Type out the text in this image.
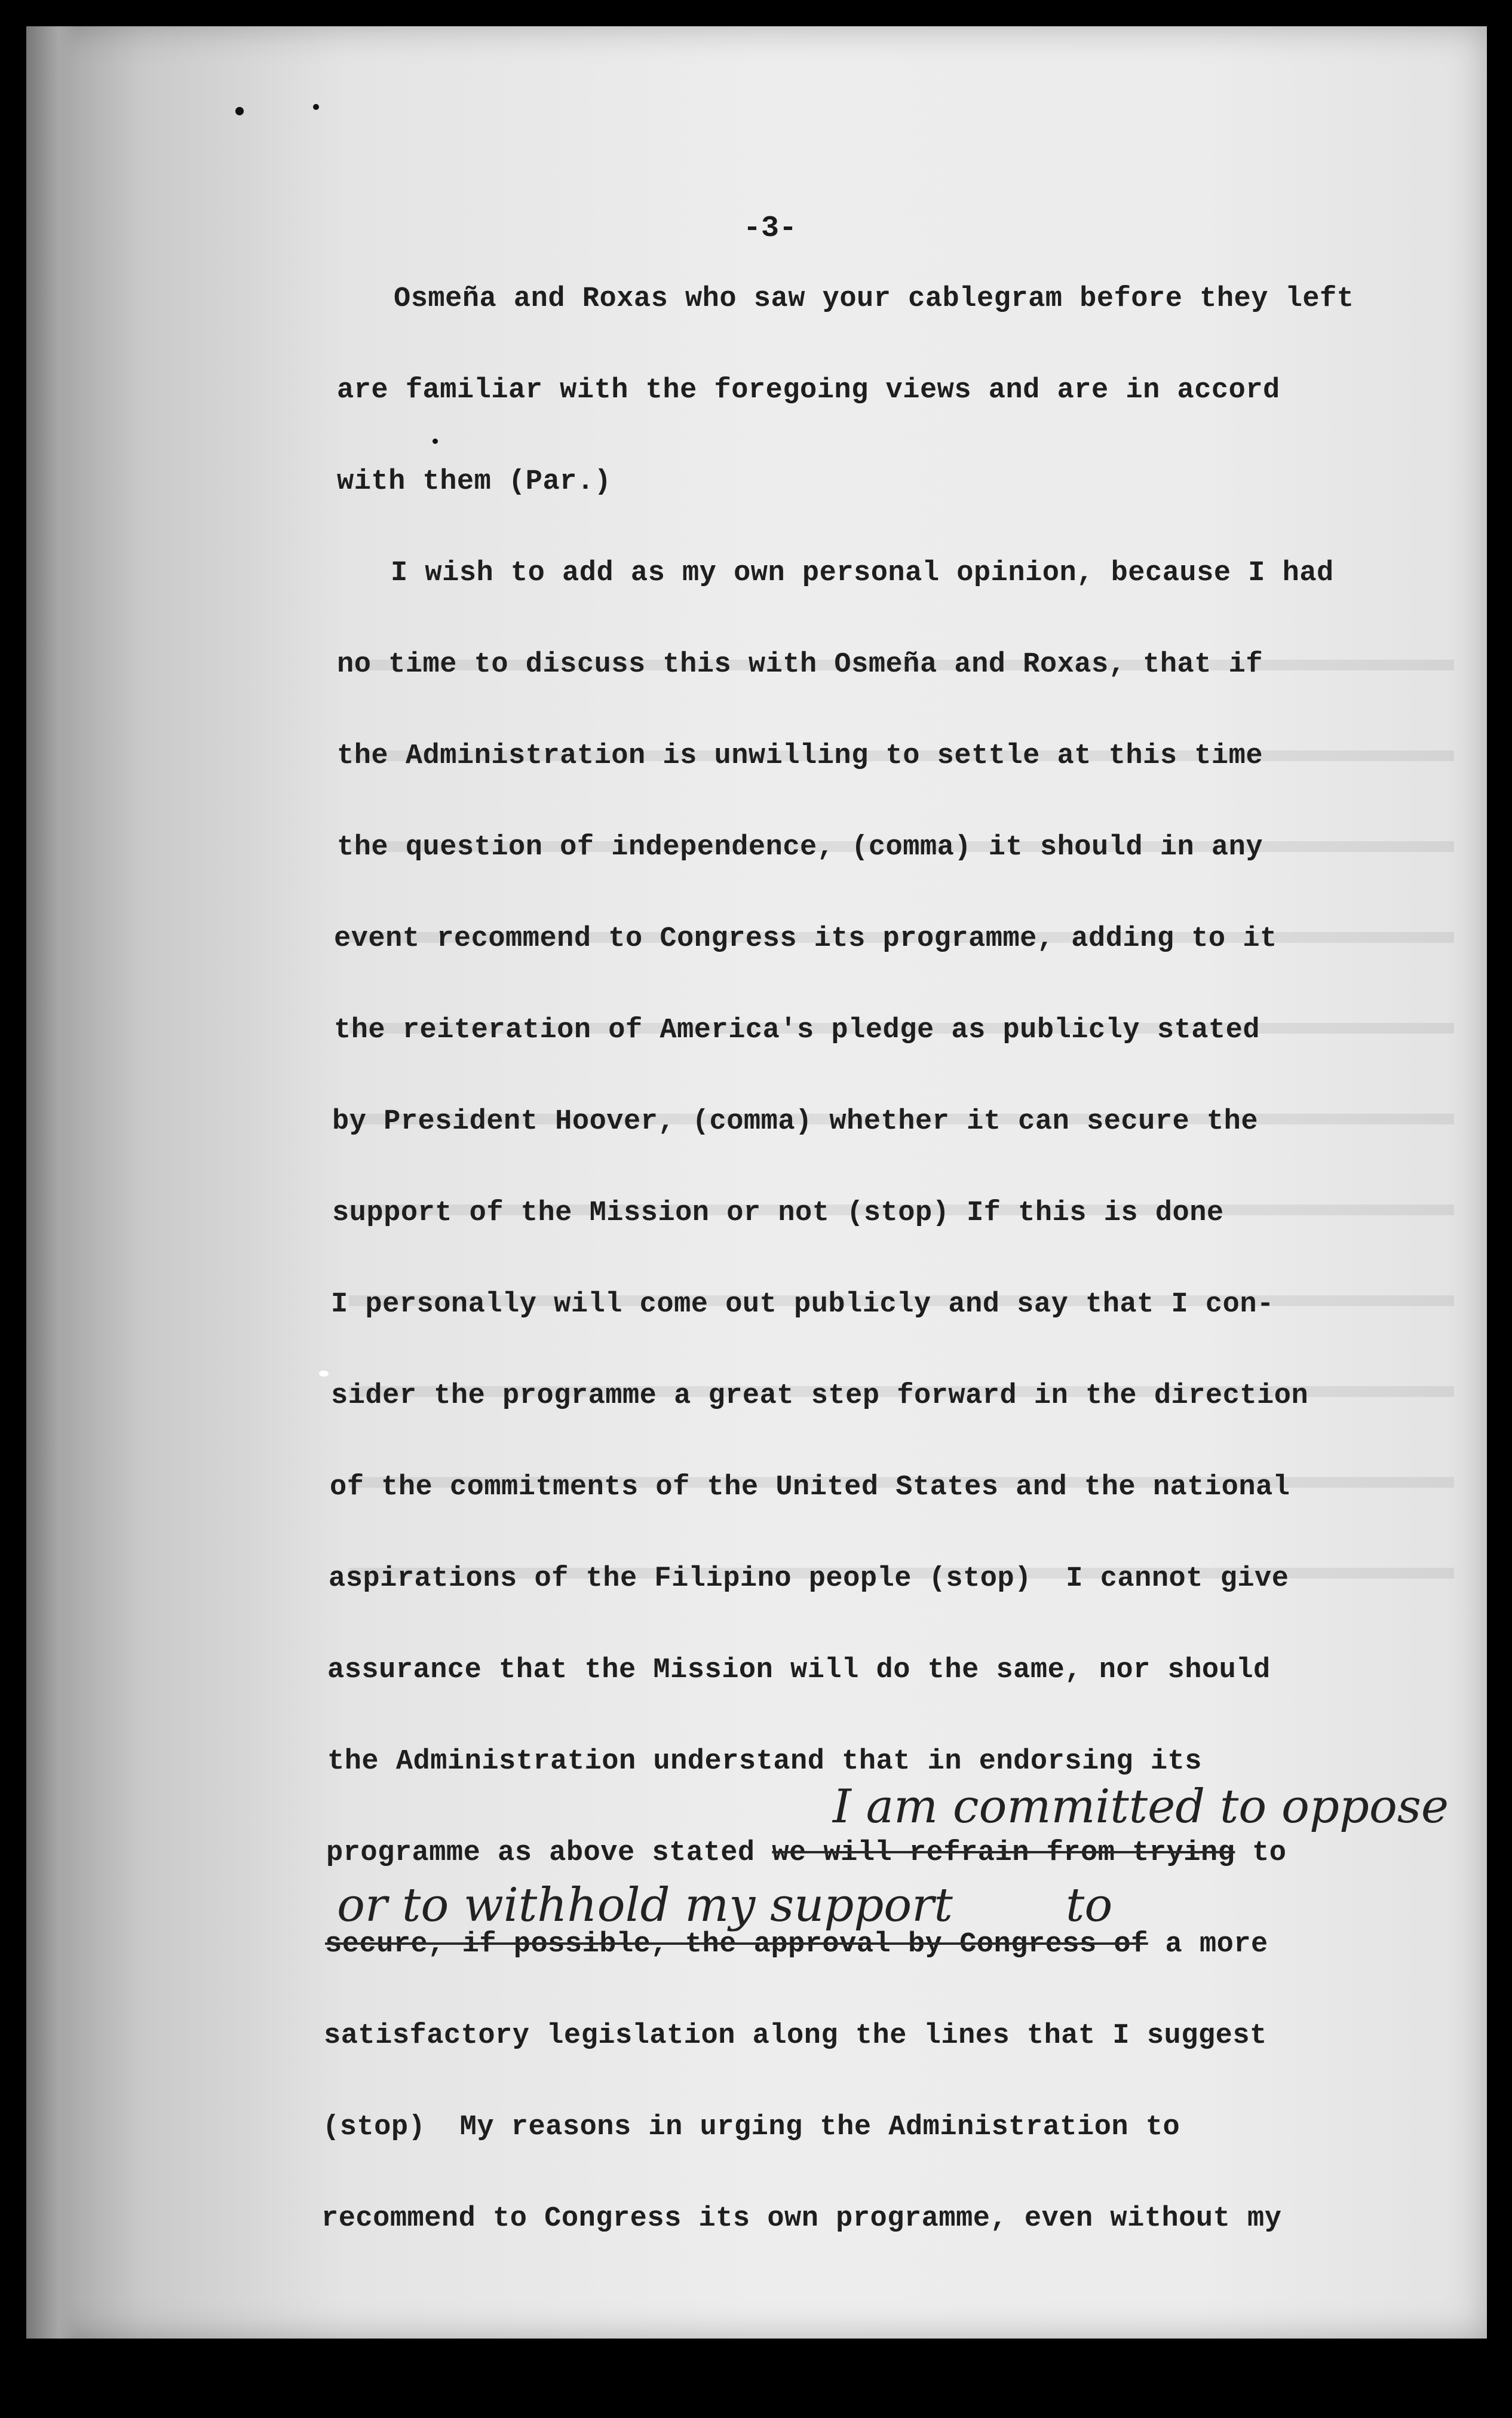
-3-
Osmeña and Roxas who saw your cablegram before they left
are familiar with the foregoing views and are in accord
with them (Par.)
I wish to add as my own personal opinion, because I had
no time to discuss this with Osmeña and Roxas, that if
the Administration is unwilling to settle at this time
the question of independence, (comma) it should in any
event recommend to Congress its programme, adding to it
the reiteration of America's pledge as publicly stated
by President Hoover, (comma) whether it can secure the
support of the Mission or not (stop) If this is done
I personally will come out publicly and say that I con-
sider the programme a great step forward in the direction
of the commitments of the United States and the national
aspirations of the Filipino people (stop)  I cannot give
assurance that the Mission will do the same, nor should
the Administration understand that in endorsing its
programme as above stated we will refrain from trying to
secure, if possible, the approval by Congress of a more
satisfactory legislation along the lines that I suggest
(stop)  My reasons in urging the Administration to
recommend to Congress its own programme, even without my
I am committed to oppose
or to withhold my support to
